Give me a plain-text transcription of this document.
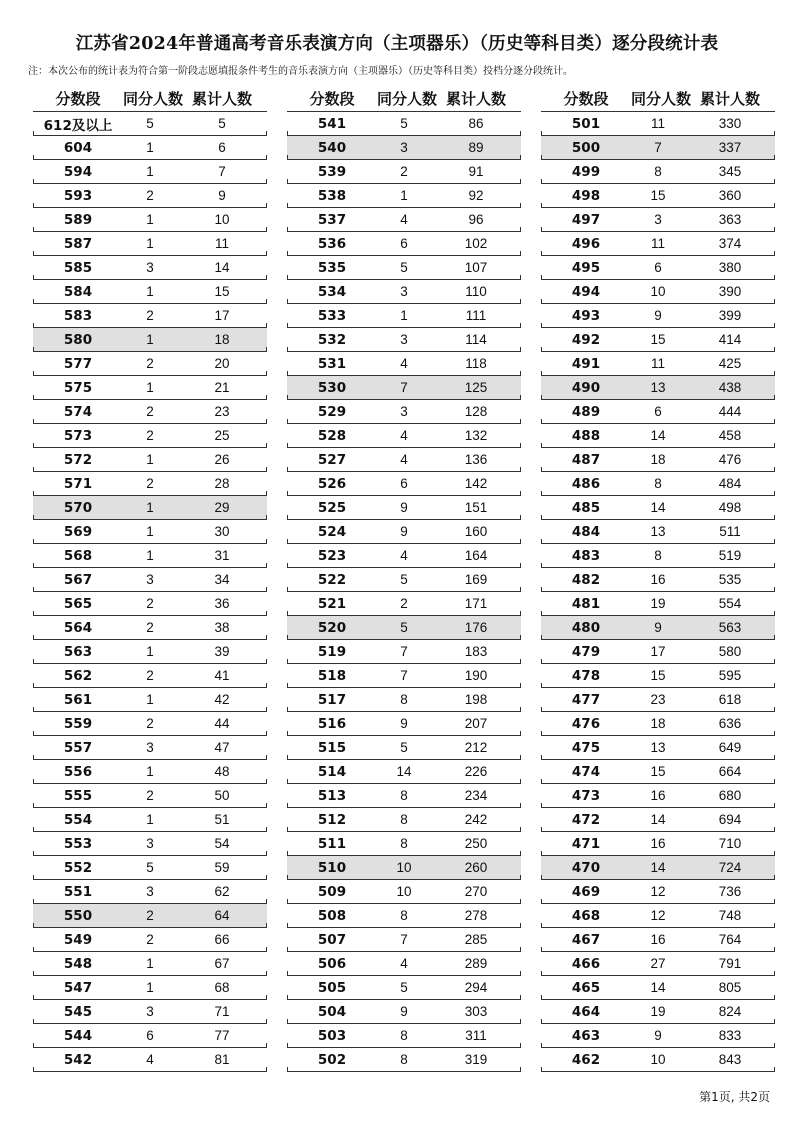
江苏省2024年普通高考音乐表演方向（主项器乐）（历史等科目类）逐分段统计表
注：本次公布的统计表为符合第一阶段志愿填报条件考生的音乐表演方向（主项器乐）（历史等科目类）投档分逐分段统计。
分数段	同分人数 累计人数
612及以上	5	5
604	1	6
594	1	7
593	2	9
589	1	10
587	1	11
585	3	14
584	1	15
583	2	17
580	1	18
577	2	20
575	1	21
574	2	23
573	2	25
572	1	26
571	2	28
570	1	29
569	1	30
568	1	31
567	3	34
565	2	36
564	2	38
563	1	39
562	2	41
561	1	42
559	2	44
557	3	47
556	1	48
555	2	50
554	1	51
553	3	54
552	5	59
551	3	62
550	2	64
549	2	66
548	1	67
547	1	68
545	3	71
544	6	77
542	4	81
分数段	同分人数 累计人数
541	5	86
540	3	89
539	2	91
538	1	92
537	4	96
536	6	102
535	5	107
534	3	110
533	1	111
532	3	114
531	4	118
530	7	125
529	3	128
528	4	132
527	4	136
526	6	142
525	9	151
524	9	160
523	4	164
522	5	169
521	2	171
520	5	176
519	7	183
518	7	190
517	8	198
516	9	207
515	5	212
514	14	226
513	8	234
512	8	242
511	8	250
510	10	260
509	10	270
508	8	278
507	7	285
506	4	289
505	5	294
504	9	303
503	8	311
502	8	319
分数段	同分人数 累计人数
501	11	330
500	7	337
499	8	345
498	15	360
497	3	363
496	11	374
495	6	380
494	10	390
493	9	399
492	15	414
491	11	425
490	13	438
489	6	444
488	14	458
487	18	476
486	8	484
485	14	498
484	13	511
483	8	519
482	16	535
481	19	554
480	9	563
479	17	580
478	15	595
477	23	618
476	18	636
475	13	649
474	15	664
473	16	680
472	14	694
471	16	710
470	14	724
469	12	736
468	12	748
467	16	764
466	27	791
465	14	805
464	19	824
463	9	833
462	10	843
第1页, 共2页
